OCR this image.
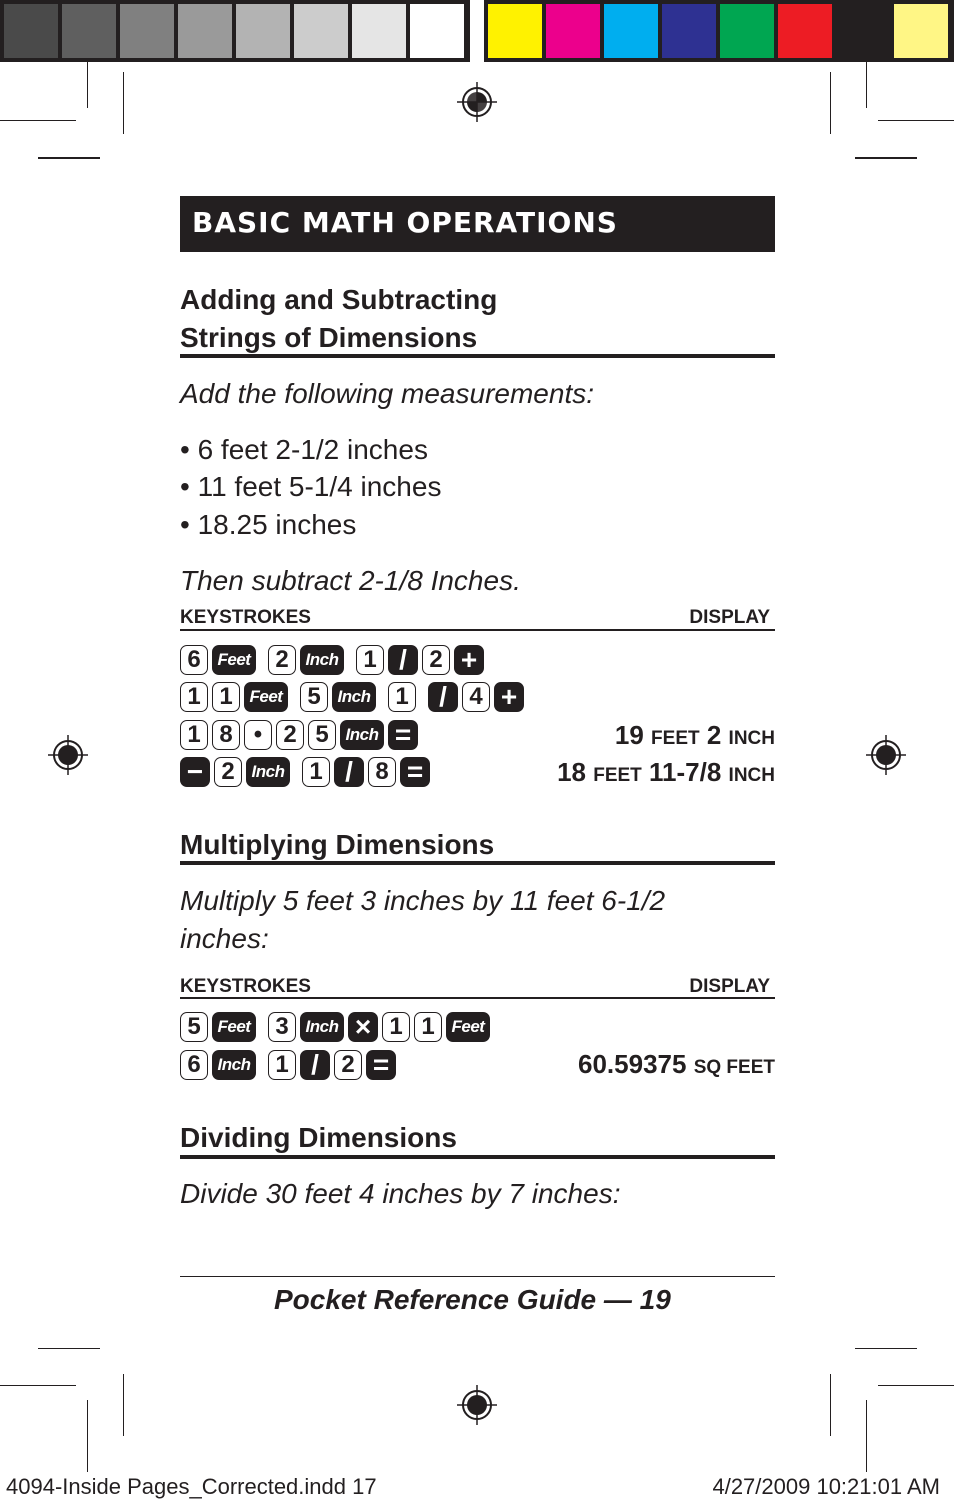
BASIC MATH OPERATIONS
Adding and Subtracting
Strings of Dimensions
Add the following measurements:
• 6 feet 2-1/2 inches
• 11 feet 5-1/4 inches
• 18.25 inches
Then subtract 2-1/8 Inches.
KEYSTROKES	DISPLAY
6 Feet	2 Inch	1 / 2 +
1 1 Feet	5 Inch	1	/ 4 +
1 8 • 2 5 Inch =	19 FEET 2 INCH
− 2 Inch	1 / 8 =	18 FEET 11-7/8 INCH
Multiplying Dimensions
Multiply 5 feet 3 inches by 11 feet 6-1/2
inches:
KEYSTROKES	DISPLAY
5 Feet	3 Inch × 1 1 Feet
6 Inch	1 / 2 =	60.59375 SQ FEET
Dividing Dimensions
Divide 30 feet 4 inches by 7 inches:
Pocket Reference Guide — 19
4094-Inside Pages_Corrected.indd 17	4/27/2009 10:21:01 AM
